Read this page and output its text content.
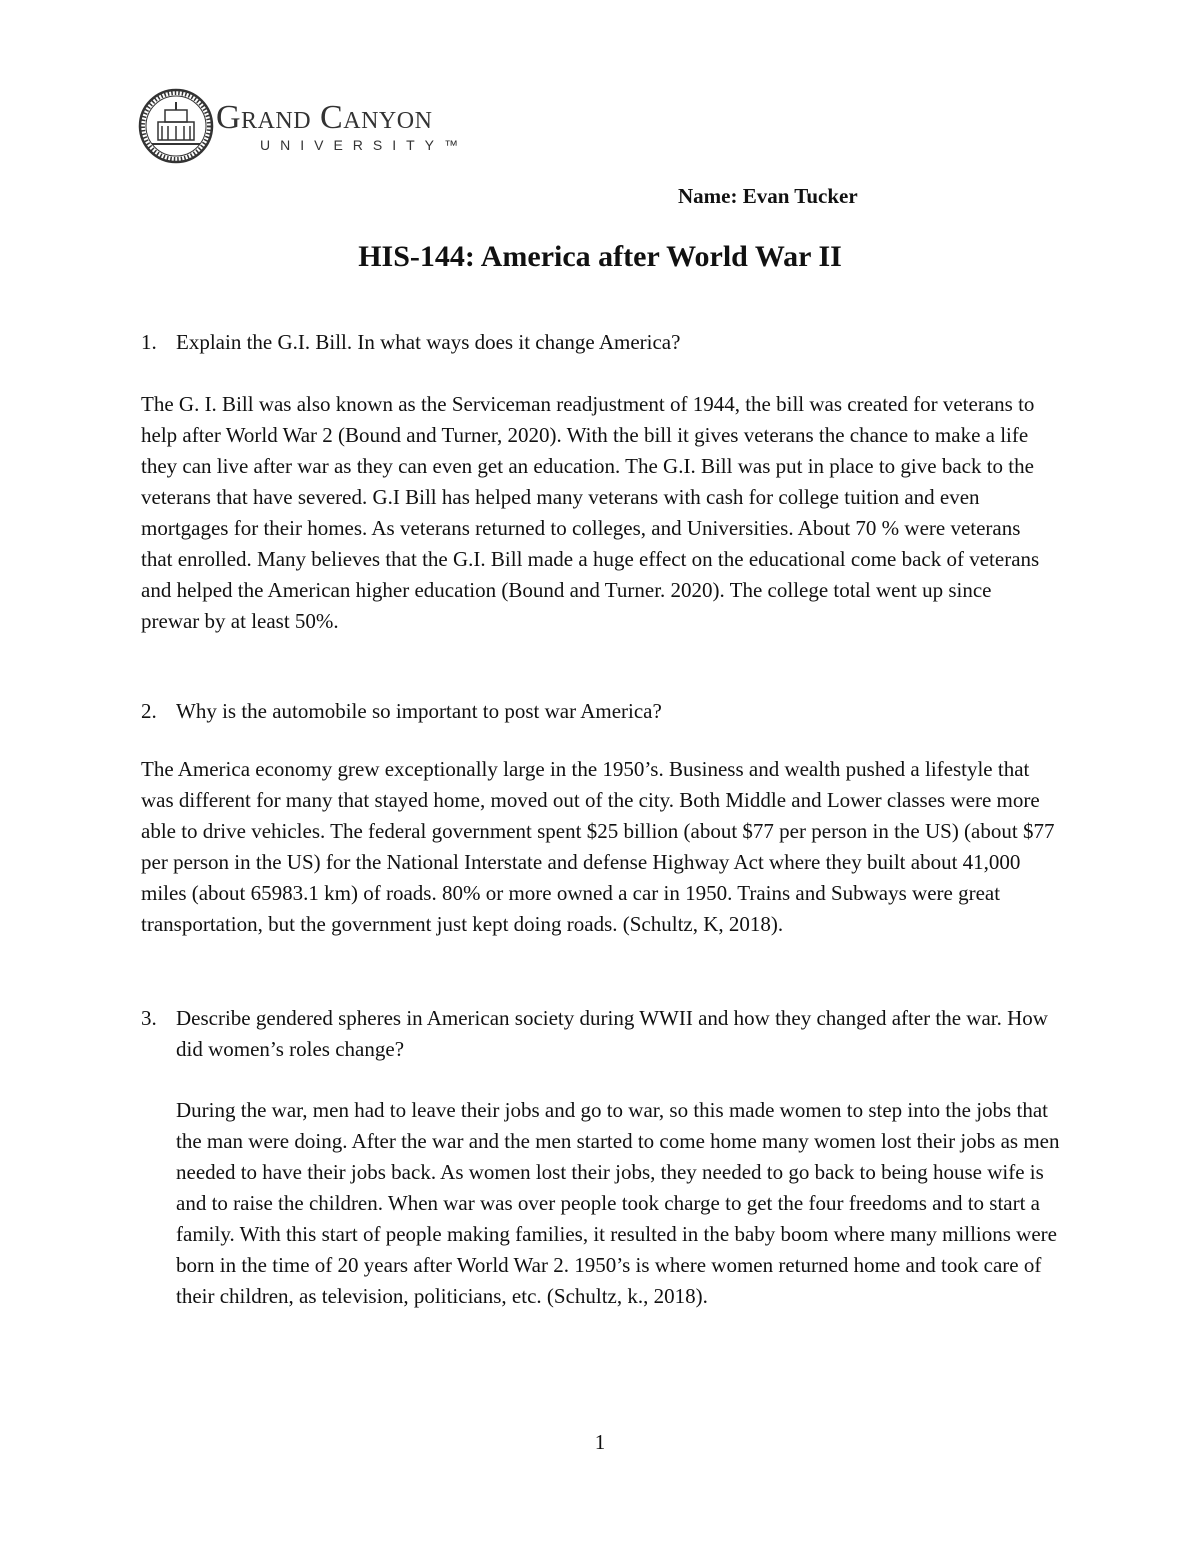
Grand Canyon
UNIVERSITY™
Name: Evan Tucker
HIS-144: America after World War II
1. Explain the G.I. Bill. In what ways does it change America?
The G. I. Bill was also known as the Serviceman readjustment of 1944, the bill was created for veterans to help after World War 2 (Bound and Turner, 2020). With the bill it gives veterans the chance to make a life they can live after war as they can even get an education. The G.I. Bill was put in place to give back to the veterans that have severed. G.I Bill has helped many veterans with cash for college tuition and even mortgages for their homes. As veterans returned to colleges, and Universities. About 70 % were veterans that enrolled. Many believes that the G.I. Bill made a huge effect on the educational come back of veterans and helped the American higher education (Bound and Turner. 2020). The college total went up since prewar by at least 50%.
2. Why is the automobile so important to post war America?
The America economy grew exceptionally large in the 1950’s. Business and wealth pushed a lifestyle that was different for many that stayed home, moved out of the city. Both Middle and Lower classes were more able to drive vehicles. The federal government spent $25 billion (about $77 per person in the US) (about $77 per person in the US) for the National Interstate and defense Highway Act where they built about 41,000 miles (about 65983.1 km) of roads. 80% or more owned a car in 1950. Trains and Subways were great transportation, but the government just kept doing roads. (Schultz, K, 2018).
3. Describe gendered spheres in American society during WWII and how they changed after the war. How did women’s roles change?
During the war, men had to leave their jobs and go to war, so this made women to step into the jobs that the man were doing. After the war and the men started to come home many women lost their jobs as men needed to have their jobs back. As women lost their jobs, they needed to go back to being house wife is and to raise the children. When war was over people took charge to get the four freedoms and to start a family. With this start of people making families, it resulted in the baby boom where many millions were born in the time of 20 years after World War 2. 1950’s is where women returned home and took care of their children, as television, politicians, etc. (Schultz, k., 2018).
1
